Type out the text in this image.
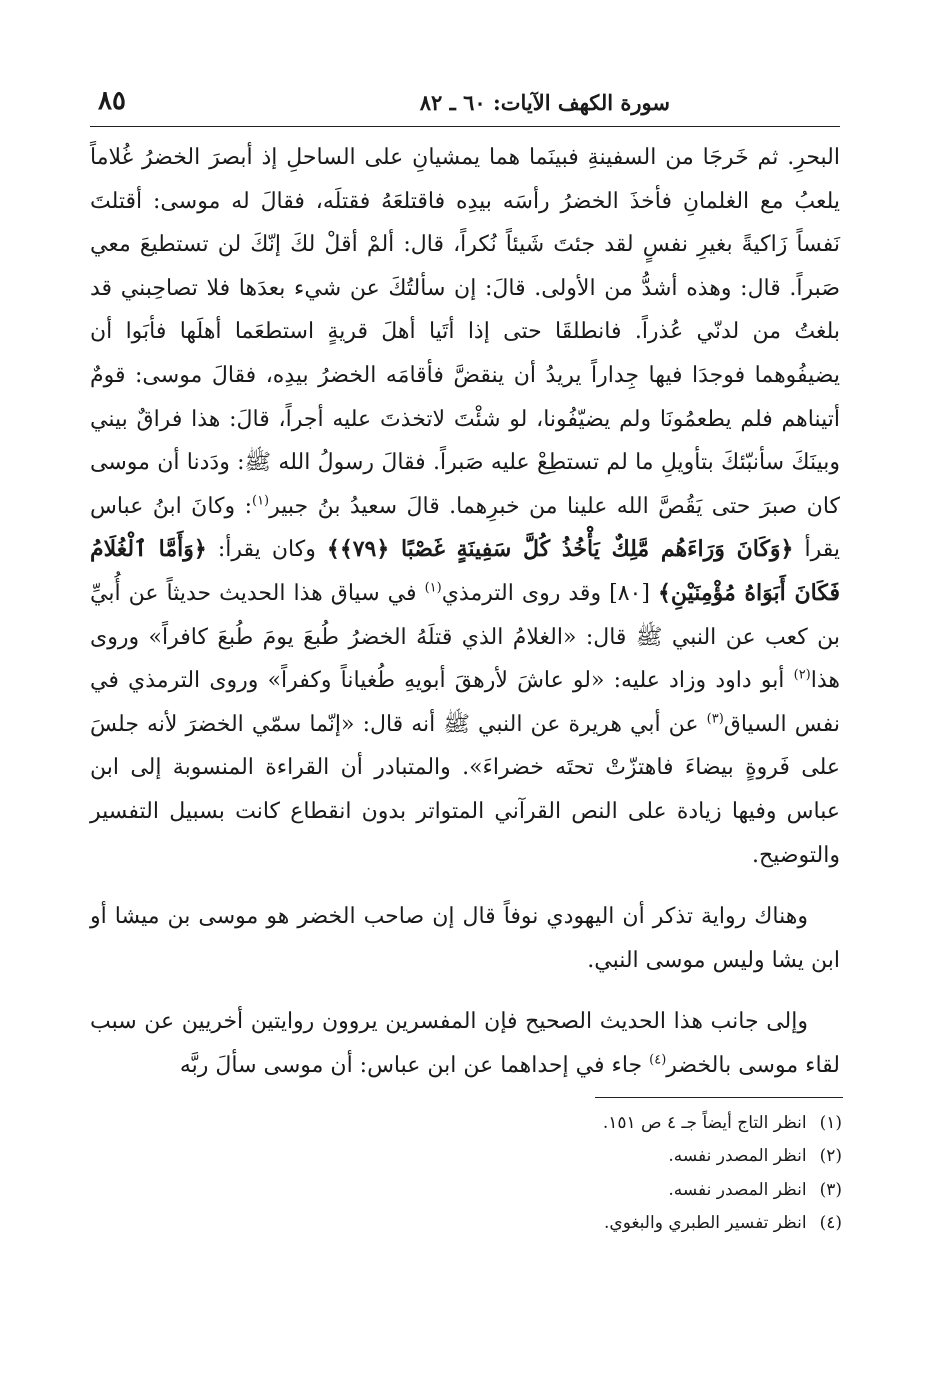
سورة الكهف الآيات: ٦٠ ـ ٨٢
٨٥

البحرِ. ثم خَرجَا من السفينةِ فبينَما هما يمشيانِ على الساحلِ إذ أبصرَ الخضرُ غُلاماً يلعبُ مع الغلمانِ فأخذَ الخضرُ رأسَه بيدِه فاقتلعَهُ فقتلَه، فقالَ له موسى: أقتلتَ نَفساً زَاكيةً بغيرِ نفسٍ لقد جئتَ شَيئاً نُكراً، قال: ألمْ أقلْ لكَ إنّكَ لن تستطيعَ معي صَبراً. قال: وهذه أشدُّ من الأولى. قالَ: إن سألتُكَ عن شيء بعدَها فلا تصاحِبني قد بلغتُ من لدنّي عُذراً. فانطلقَا حتى إذا أتَيا أهلَ قريةٍ استطعَما أهلَها فأبَوا أن يضيفُوهما فوجدَا فيها جِداراً يريدُ أن ينقضَّ فأقامَه الخضرُ بيدِه، فقالَ موسى: قومٌ أتيناهم فلم يطعمُونَا ولم يضيّفُونا، لو شئْتَ لاتخذتَ عليه أجراً، قالَ: هذا فراقٌ بيني وبينَكَ سأنبّئكَ بتأويلِ ما لم تستطِعْ عليه صَبراً. فقالَ رسولُ الله ﷺ: ودَدنا أن موسى كان صبرَ حتى يَقُصَّ الله علينا من خبرِهما. قالَ سعيدُ بنُ جبير$^{(١)}$: وكانَ ابنُ عباس يقرأ ﴿وَكَانَ وَرَاءَهُم مَّلِكٌ يَأْخُذُ كُلَّ سَفِينَةٍ غَصْبًا ﴿٧٩﴾﴾ وكان يقرأ: ﴿وَأَمَّا ٱلْغُلَامُ فَكَانَ أَبَوَاهُ مُؤْمِنَيْنِ﴾ [٨٠] وقد روى الترمذي$^{(١)}$ في سياق هذا الحديث حديثاً عن أُبيِّ بن كعب عن النبي ﷺ قال: «الغلامُ الذي قتلَهُ الخضرُ طُبعَ يومَ طُبعَ كافراً» وروى هذا$^{(٢)}$ أبو داود وزاد عليه: «لو عاشَ لأرهقَ أبويهِ طُغياناً وكفراً» وروى الترمذي في نفس السياق$^{(٣)}$ عن أبي هريرة عن النبي ﷺ أنه قال: «إنّما سمّي الخضرَ لأنه جلسَ على فَروةٍ بيضاءَ فاهتزّتْ تحتَه خضراءَ». والمتبادر أن القراءة المنسوبة إلى ابن عباس وفيها زيادة على النص القرآني المتواتر بدون انقطاع كانت بسبيل التفسير والتوضيح.

وهناك رواية تذكر أن اليهودي نوفاً قال إن صاحب الخضر هو موسى بن ميشا أو ابن يشا وليس موسى النبي.

وإلى جانب هذا الحديث الصحيح فإن المفسرين يروون روايتين أخريين عن سبب لقاء موسى بالخضر$^{(٤)}$ جاء في إحداهما عن ابن عباس: أن موسى سألَ ربَّه

(١) انظر التاج أيضاً جـ ٤ ص ١٥١.
(٢) انظر المصدر نفسه.
(٣) انظر المصدر نفسه.
(٤) انظر تفسير الطبري والبغوي.
